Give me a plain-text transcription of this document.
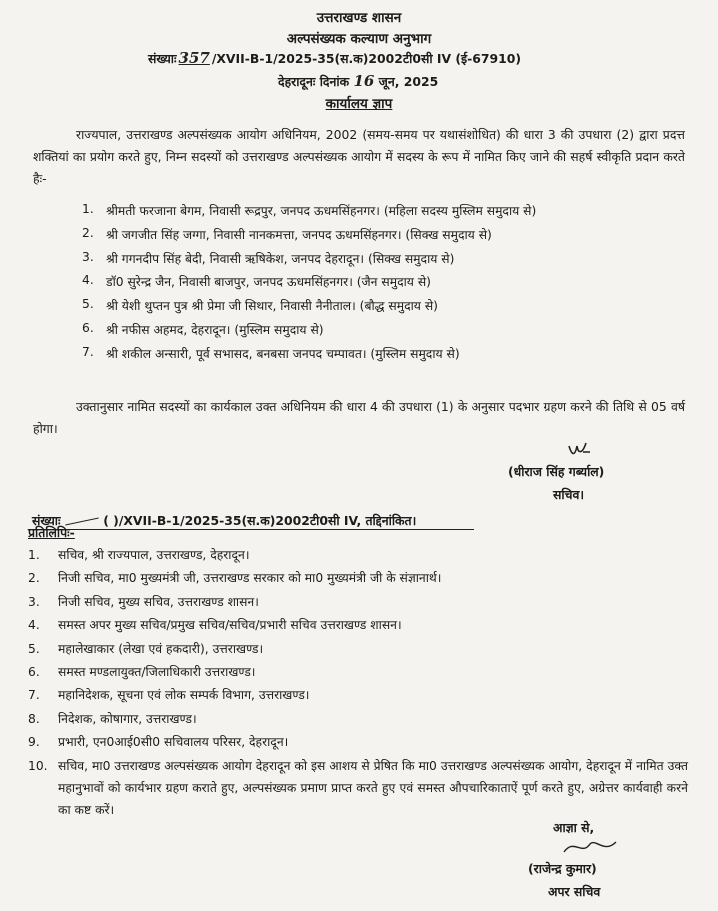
उत्तराखण्ड शासन
अल्पसंख्यक कल्याण अनुभाग
संख्याः 357 /XVII-B-1/2025-35(स.क)2002टी0सी IV (ई-67910)
देहरादूनः दिनांक 16 जून, 2025
कार्यालय ज्ञाप
राज्यपाल, उत्तराखण्ड अल्पसंख्यक आयोग अधिनियम, 2002 (समय-समय पर यथासंशोधित) की धारा 3 की उपधारा (2) द्वारा प्रदत्त शक्तियां का प्रयोग करते हुए, निम्न सदस्यों को उत्तराखण्ड अल्पसंख्यक आयोग में सदस्य के रूप में नामित किए जाने की सहर्ष स्वीकृति प्रदान करते हैः-
1. श्रीमती फरजाना बेगम, निवासी रूद्रपुर, जनपद ऊधमसिंहनगर। (महिला सदस्य मुस्लिम समुदाय से)
2. श्री जगजीत सिंह जग्गा, निवासी नानकमत्ता, जनपद ऊधमसिंहनगर। (सिक्ख समुदाय से)
3. श्री गगनदीप सिंह बेदी, निवासी ऋषिकेश, जनपद देहरादून। (सिक्ख समुदाय से)
4. डॉ0 सुरेन्द्र जैन, निवासी बाजपुर, जनपद ऊधमसिंहनगर। (जैन समुदाय से)
5. श्री येशी थुप्तन पुत्र श्री प्रेमा जी सिथार, निवासी नैनीताल। (बौद्ध समुदाय से)
6. श्री नफीस अहमद, देहरादून। (मुस्लिम समुदाय से)
7. श्री शकील अन्सारी, पूर्व सभासद, बनबसा जनपद चम्पावत। (मुस्लिम समुदाय से)
उक्तानुसार नामित सदस्यों का कार्यकाल उक्त अधिनियम की धारा 4 की उपधारा (1) के अनुसार पदभार ग्रहण करने की तिथि से 05 वर्ष होगा।
(धीराज सिंह गर्ब्याल)
सचिव।
संख्याः	( )/XVII-B-1/2025-35(स.क)2002टी0सी IV, तद्दिनांकित।
प्रतिलिपिः-
1.	सचिव, श्री राज्यपाल, उत्तराखण्ड, देहरादून।
2.	निजी सचिव, मा0 मुख्यमंत्री जी, उत्तराखण्ड सरकार को मा0 मुख्यमंत्री जी के संज्ञानार्थ।
3.	निजी सचिव, मुख्य सचिव, उत्तराखण्ड शासन।
4.	समस्त अपर मुख्य सचिव/प्रमुख सचिव/सचिव/प्रभारी सचिव उत्तराखण्ड शासन।
5.	महालेखाकार (लेखा एवं हकदारी), उत्तराखण्ड।
6.	समस्त मण्डलायुक्त/जिलाधिकारी उत्तराखण्ड।
7.	महानिदेशक, सूचना एवं लोक सम्पर्क विभाग, उत्तराखण्ड।
8.	निदेशक, कोषागार, उत्तराखण्ड।
9.	प्रभारी, एन0आई0सी0 सचिवालय परिसर, देहरादून।
10. सचिव, मा0 उत्तराखण्ड अल्पसंख्यक आयोग देहरादून को इस आशय से प्रेषित कि मा0 उत्तराखण्ड अल्पसंख्यक आयोग, देहरादून में नामित उक्त महानुभावों को कार्यभार ग्रहण कराते हुए, अल्पसंख्यक प्रमाण प्राप्त करते हुए एवं समस्त औपचारिकाताऐं पूर्ण करते हुए, अग्रेत्तर कार्यवाही करने का कष्ट करें।
आज्ञा से,
(राजेन्द्र कुमार)
अपर सचिव
